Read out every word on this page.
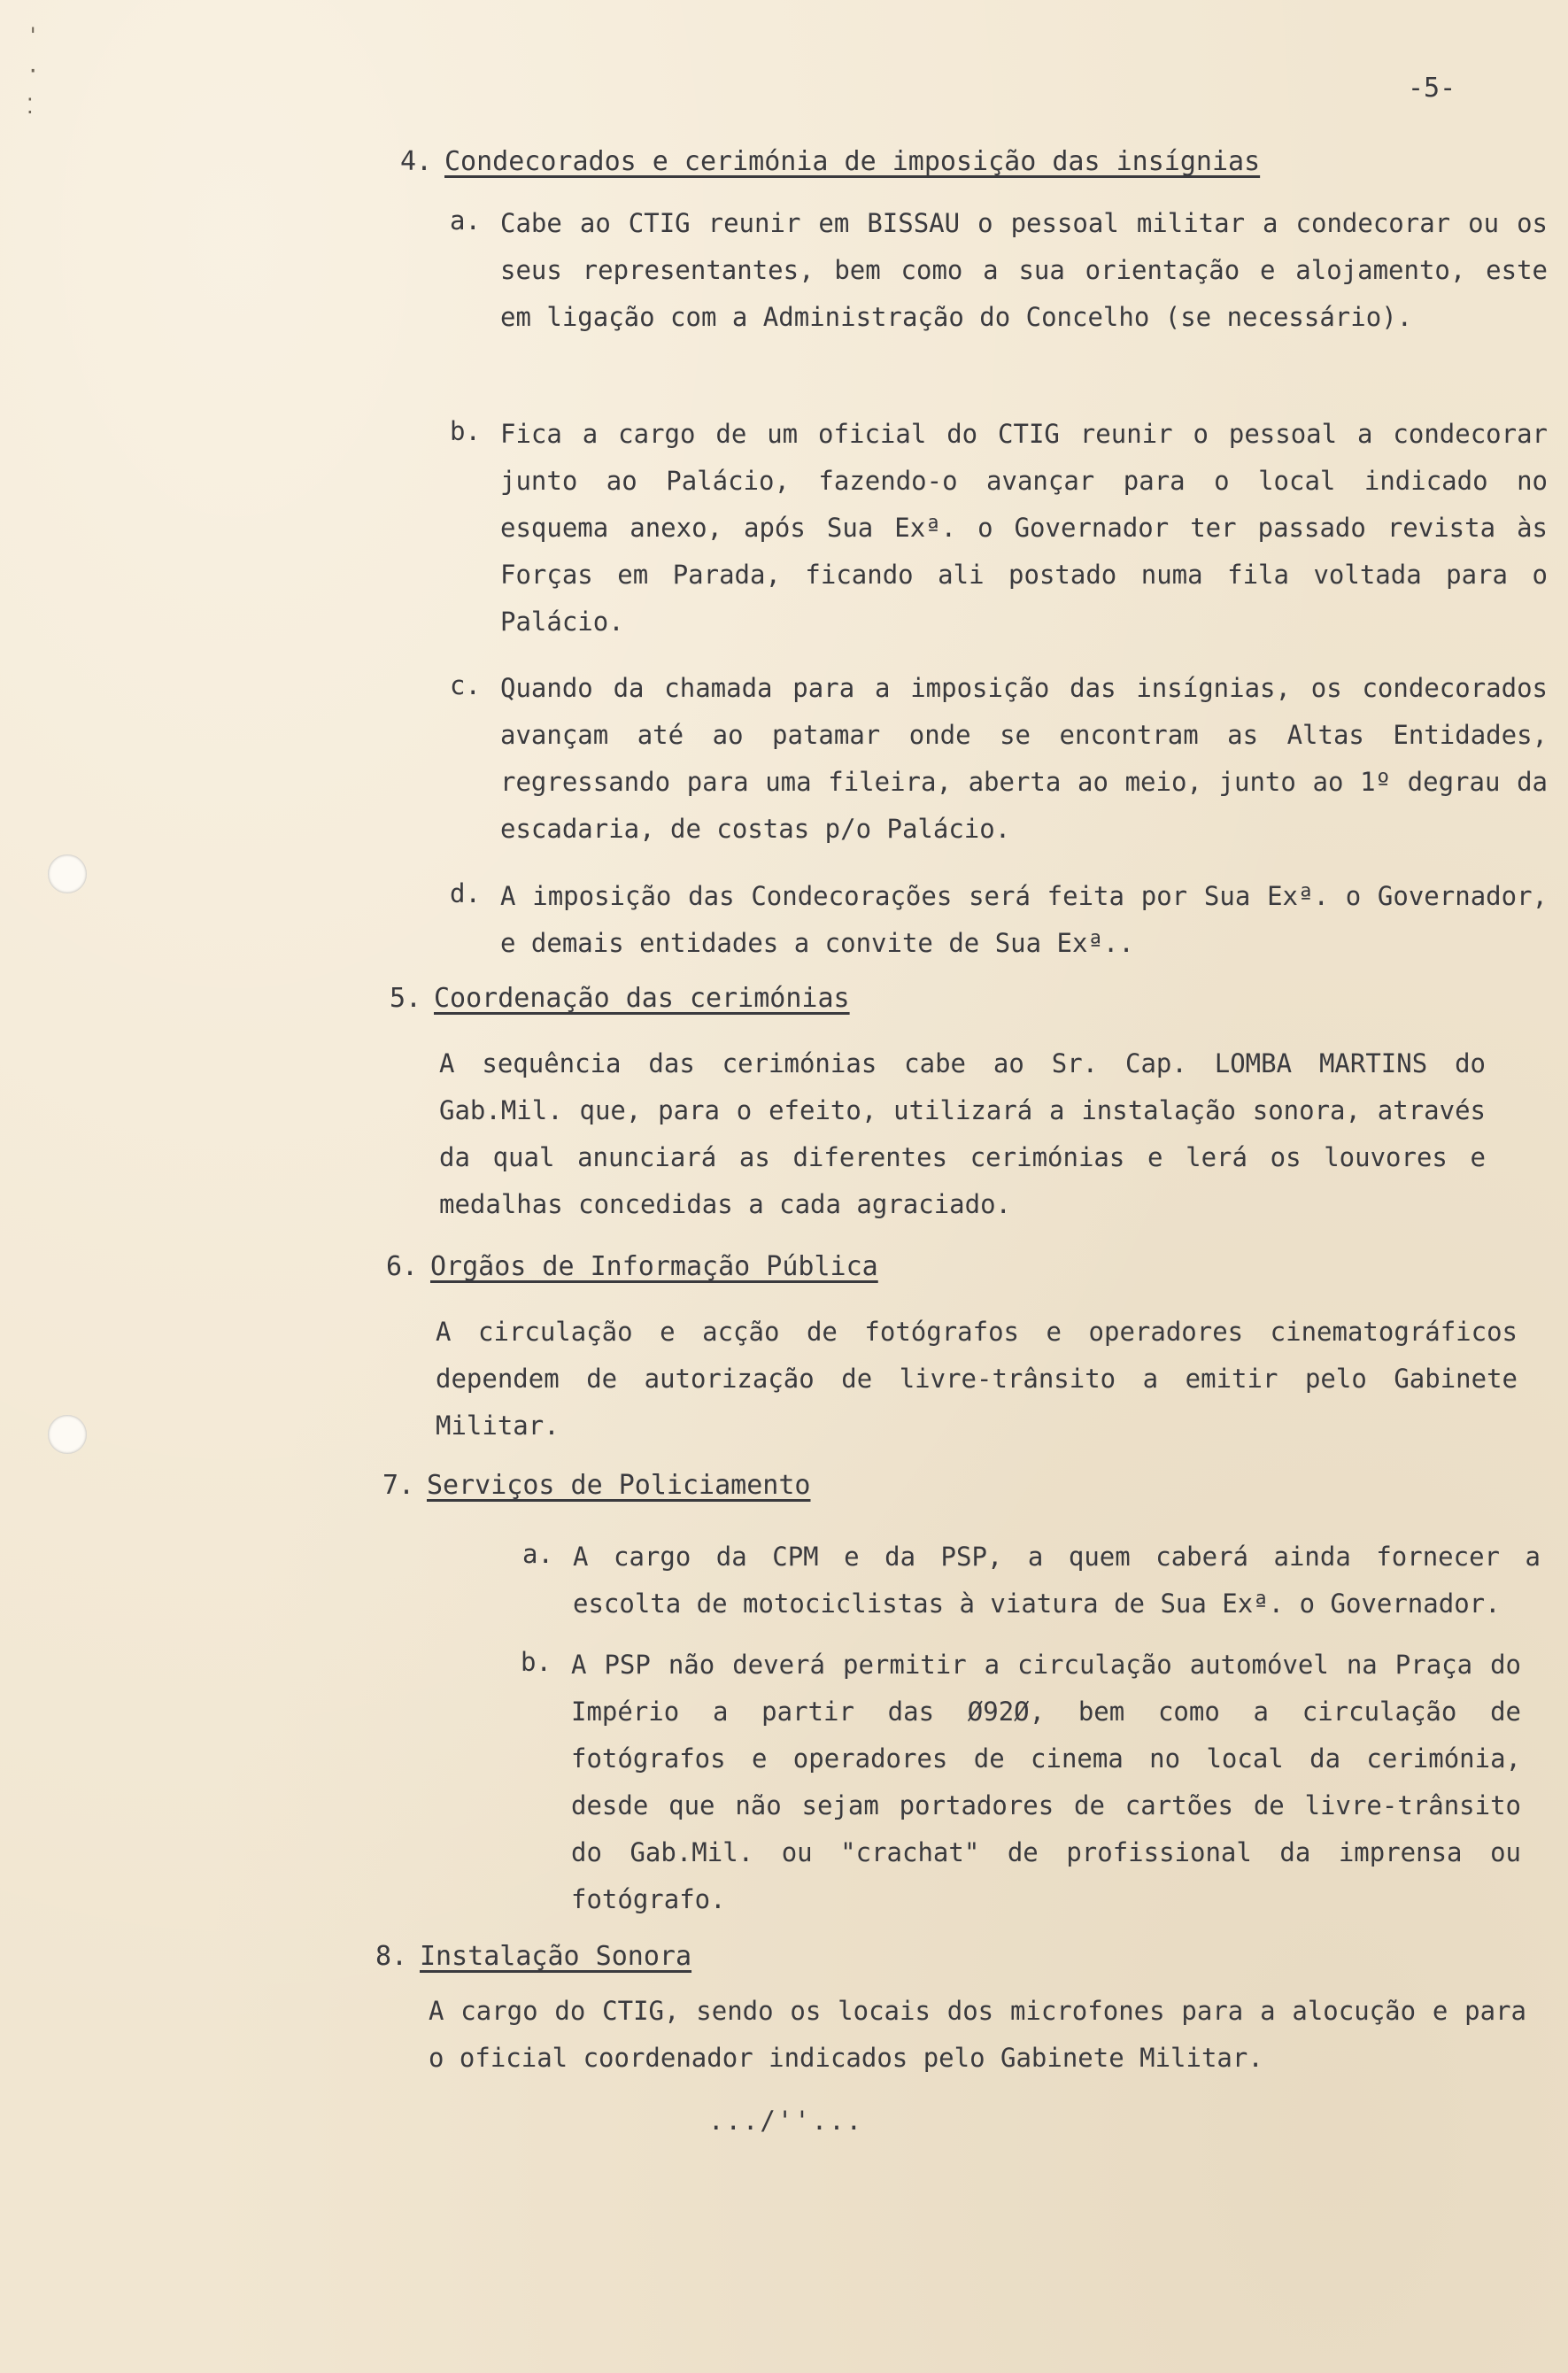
'
·
⁚
-5-
4. Condecorados e cerimónia de imposição das insígnias
a. Cabe ao CTIG reunir em BISSAU o pessoal militar a condecorar ou os seus representantes, bem como a sua orientação e alojamento, este em ligação com a Administração do Concelho (se necessário).
b. Fica a cargo de um oficial do CTIG reunir o pessoal a condecorar junto ao Palácio, fazendo-o avançar para o local indicado no esquema anexo, após Sua Exª. o Governador ter passado revista às Forças em Parada, ficando ali postado numa fila voltada para o Palácio.
c. Quando da chamada para a imposição das insígnias, os condecorados avançam até ao patamar onde se encontram as Altas Entidades, regressando para uma fileira, aberta ao meio, junto ao 1º degrau da escadaria, de costas p/o Palácio.
d. A imposição das Condecorações será feita por Sua Exª. o Governador, e demais entidades a convite de Sua Exª..
5. Coordenação das cerimónias
A sequência das cerimónias cabe ao Sr. Cap. LOMBA MARTINS do Gab.Mil. que, para o efeito, utilizará a instalação sonora, através da qual anunciará as diferentes cerimónias e lerá os louvores e medalhas concedidas a cada agraciado.
6. Orgãos de Informação Pública
A circulação e acção de fotógrafos e operadores cinematográficos dependem de autorização de livre-trânsito a emitir pelo Gabinete Militar.
7. Serviços de Policiamento
a. A cargo da CPM e da PSP, a quem caberá ainda fornecer a escolta de motociclistas à viatura de Sua Exª. o Governador.
b. A PSP não deverá permitir a circulação automóvel na Praça do Império a partir das Ø92Ø, bem como a circulação de fotógrafos e operadores de cinema no local da cerimónia, desde que não sejam portadores de cartões de livre-trânsito do Gab.Mil. ou "crachat" de profissional da imprensa ou fotógrafo.
8. Instalação Sonora
A cargo do CTIG, sendo os locais dos microfones para a alocução e para o oficial coordenador indicados pelo Gabinete Militar.
.../''...
